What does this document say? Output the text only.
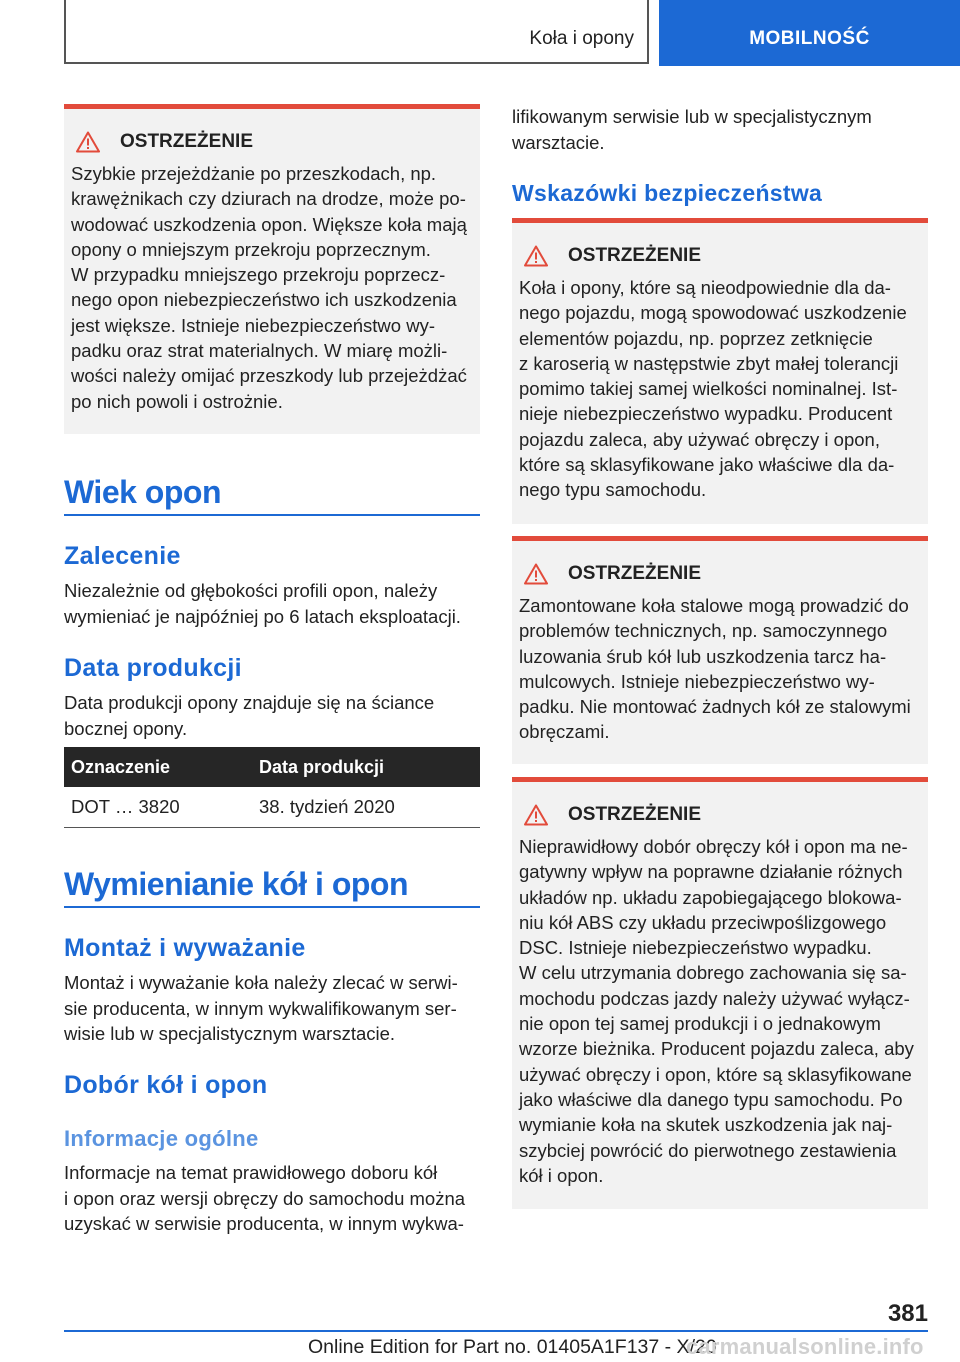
Koła i opony	MOBILNOŚĆ
OSTRZEŻENIE
Szybkie przejeżdżanie po przeszkodach, np.
krawężnikach czy dziurach na drodze, może po-
wodować uszkodzenia opon. Większe koła mają
opony o mniejszym przekroju poprzecznym.
W przypadku mniejszego przekroju poprzecz-
nego opon niebezpieczeństwo ich uszkodzenia
jest większe. Istnieje niebezpieczeństwo wy-
padku oraz strat materialnych. W miarę możli-
wości należy omijać przeszkody lub przejeżdżać
po nich powoli i ostrożnie.
Wiek opon
Zalecenie
Niezależnie od głębokości profili opon, należy
wymieniać je najpóźniej po 6 latach eksploatacji.
Data produkcji
Data produkcji opony znajduje się na ściance
bocznej opony.
Oznaczenie	Data produkcji
DOT … 3820	38. tydzień 2020
Wymienianie kół i opon
Montaż i wyważanie
Montaż i wyważanie koła należy zlecać w serwi-
sie producenta, w innym wykwalifikowanym ser-
wisie lub w specjalistycznym warsztacie.
Dobór kół i opon
Informacje ogólne
Informacje na temat prawidłowego doboru kół
i opon oraz wersji obręczy do samochodu można
uzyskać w serwisie producenta, w innym wykwa-
lifikowanym serwisie lub w specjalistycznym
warsztacie.
Wskazówki bezpieczeństwa
OSTRZEŻENIE
Koła i opony, które są nieodpowiednie dla da-
nego pojazdu, mogą spowodować uszkodzenie
elementów pojazdu, np. poprzez zetknięcie
z karoserią w następstwie zbyt małej tolerancji
pomimo takiej samej wielkości nominalnej. Ist-
nieje niebezpieczeństwo wypadku. Producent
pojazdu zaleca, aby używać obręczy i opon,
które są sklasyfikowane jako właściwe dla da-
nego typu samochodu.
OSTRZEŻENIE
Zamontowane koła stalowe mogą prowadzić do
problemów technicznych, np. samoczynnego
luzowania śrub kół lub uszkodzenia tarcz ha-
mulcowych. Istnieje niebezpieczeństwo wy-
padku. Nie montować żadnych kół ze stalowymi
obręczami.
OSTRZEŻENIE
Nieprawidłowy dobór obręczy kół i opon ma ne-
gatywny wpływ na poprawne działanie różnych
układów np. układu zapobiegającego blokowa-
niu kół ABS czy układu przeciwpoślizgowego
DSC. Istnieje niebezpieczeństwo wypadku.
W celu utrzymania dobrego zachowania się sa-
mochodu podczas jazdy należy używać wyłącz-
nie opon tej samej produkcji i o jednakowym
wzorze bieżnika. Producent pojazdu zaleca, aby
używać obręczy i opon, które są sklasyfikowane
jako właściwe dla danego typu samochodu. Po
wymianie koła na skutek uszkodzenia jak naj-
szybciej powrócić do pierwotnego zestawienia
kół i opon.
381
Online Edition for Part no. 01405A1F137 - X/20
carmanualsonline.info
